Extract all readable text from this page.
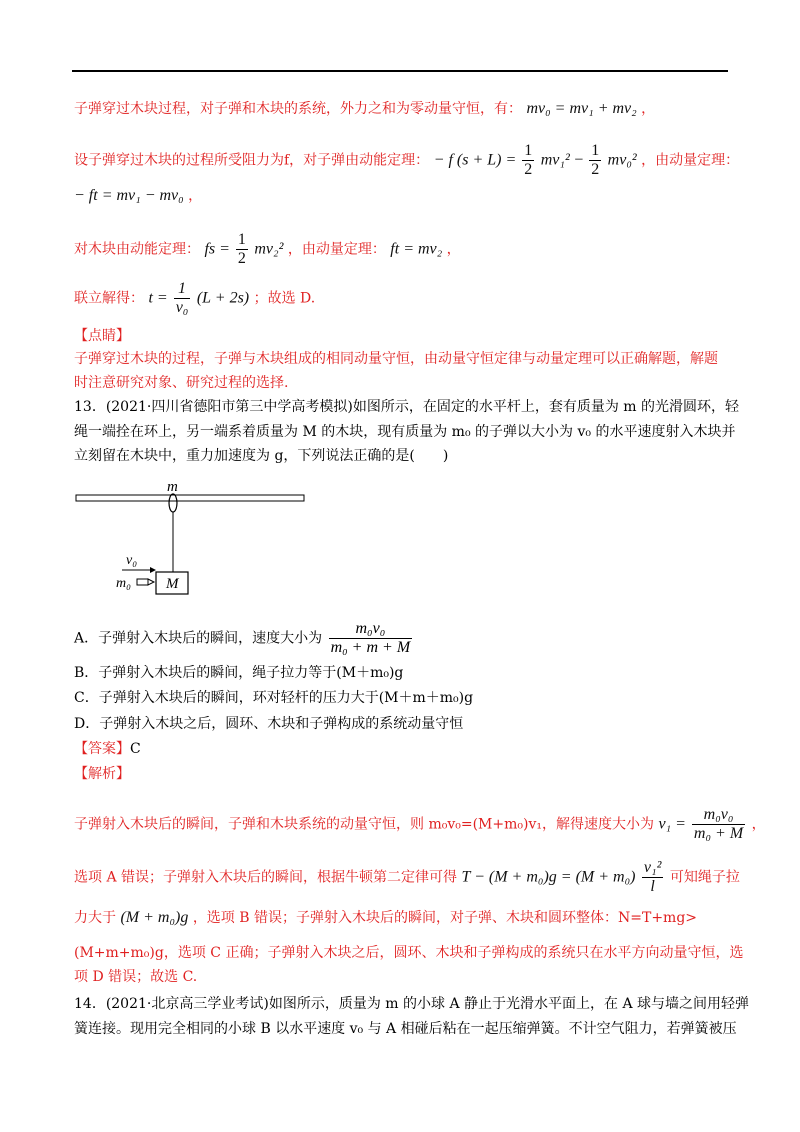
子弹穿过木块过程，对子弹和木块的系统，外力之和为零动量守恒，有： mv₀ = mv₁ + mv₂ ，
设子弹穿过木块的过程所受阻力为f，对子弹由动能定理： − f $(s + L) = \frac{1}{2} mv_1^2 - \frac{1}{2} mv_0^2$ ，由动量定理：
− ft = mv₁ − mv₀ ，
对木块由动能定理： fs = $\frac{1}{2} mv_2^2$ ，由动量定理： ft = mv₂ ，
联立解得： $t = \frac{1}{\text{v₀}} (L + 2s)$ ；故选 D.
【点睛】
子弹穿过木块的过程，子弹与木块组成的相同动量守恒，由动量守恒定律与动量定理可以正确解题，解题
时注意研究对象、研究过程的选择.
13．(2021·四川省德阳市第三中学高考模拟)如图所示，在固定的水平杆上，套有质量为 m 的光滑圆环，轻
绳一端拴在环上，另一端系着质量为 M 的木块，现有质量为 m₀ 的子弹以大小为 v₀ 的水平速度射入木块并
立刻留在木块中，重力加速度为 g，下列说法正确的是(　　)
m
M
v₀
m₀
A．子弹射入木块后的瞬间，速度大小为 $\frac{\text{m₀v₀}}{\text{m₀ + m + M}}$
B．子弹射入木块后的瞬间，绳子拉力等于(M＋m₀)g
C．子弹射入木块后的瞬间，环对轻杆的压力大于(M＋m＋m₀)g
D．子弹射入木块之后，圆环、木块和子弹构成的系统动量守恒
【答案】C
【解析】
子弹射入木块后的瞬间，子弹和木块系统的动量守恒，则 m₀v₀=(M+m₀)v₁，解得速度大小为 $v_1 = \frac{\text{m₀v₀}}{\text{m₀ + M}}$ ，
选项 A 错误；子弹射入木块后的瞬间，根据牛顿第二定律可得 $T - (M + m_0)g = (M + m_0) \frac{\text{v₁²}}{l}$ 可知绳子拉
力大于 (M + m₀)g ，选项 B 错误；子弹射入木块后的瞬间，对子弹、木块和圆环整体：N=T+mg>
(M+m+m₀)g，选项 C 正确；子弹射入木块之后，圆环、木块和子弹构成的系统只在水平方向动量守恒，选
项 D 错误；故选 C.
14．(2021·北京高三学业考试)如图所示，质量为 m 的小球 A 静止于光滑水平面上，在 A 球与墙之间用轻弹
簧连接。现用完全相同的小球 B 以水平速度 v₀ 与 A 相碰后粘在一起压缩弹簧。不计空气阻力，若弹簧被压
